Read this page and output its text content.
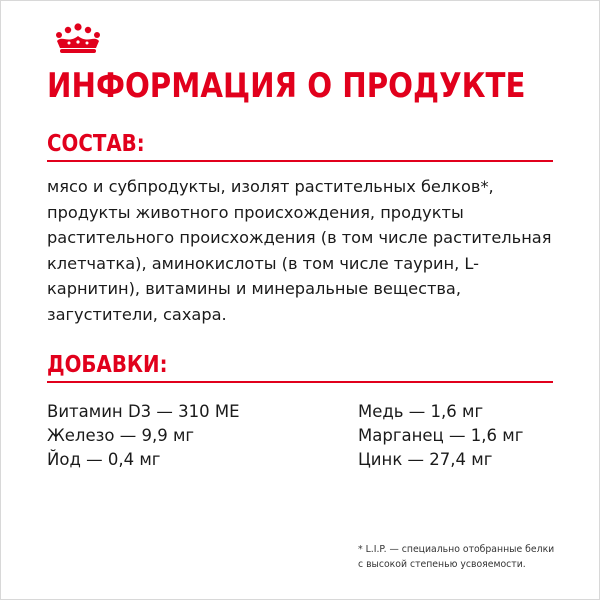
ИНФОРМАЦИЯ О ПРОДУКТЕ
СОСТАВ:

мясо и субпродукты, изолят растительных белков*, продукты животного происхождения, продукты растительного происхождения (в том числе растительная клетчатка), аминокислоты (в том числе таурин, L-карнитин), витамины и минеральные вещества, загустители, сахара.

ДОБАВКИ:
Витамин D3 — 310 МЕ
Железо — 9,9 мг
Йод — 0,4 мг
Медь — 1,6 мг
Марганец — 1,6 мг
Цинк — 27,4 мг
* L.I.P. — специально отобранные белки
с высокой степенью усвояемости.
